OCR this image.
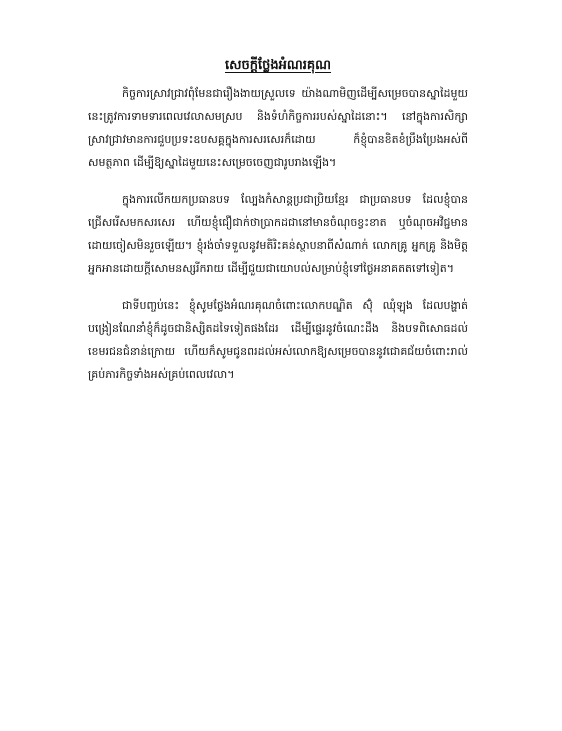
សេចក្តីថ្លែងអំណរគុណ

កិច្ចការស្រាវជ្រាវពុំមែនជារឿងងាយស្រួលទេ យ៉ាងណាមិញដើម្បីសម្រេចបានស្នាដៃមួយនេះត្រូវការទាមទារពេលវេលាសមស្រប និងទំហំកិច្ចការរបស់ស្នាដៃនោះ។ នៅក្នុងការសិក្សាស្រាវជ្រាវមានការជួបប្រទះឧបសគ្គក្នុងការសរសេរក៏ដោយ ក៏ខ្ញុំបានខិតខំប្រឹងប្រែងអស់ពីសមត្ថភាព ដើម្បីឱ្យស្នាដៃមួយនេះសម្រេចចេញជារូបរាងឡើង។

ក្នុងការលើកយកប្រធានបទ ល្បែងកំសាន្តប្រជាប្រិយខ្មែរ ជាប្រធានបទ ដែលខ្ញុំបានជ្រើសរើសមកសរសេរ ហើយខ្ញុំជឿជាក់ថាប្រាកដជានៅមានចំណុចខ្វះខាត ឬចំណុចអវិជ្ជមានដោយចៀសមិនរួចឡើយ។ ខ្ញុំរង់ចាំទទួលនូវមតិរិះគន់ស្ថាបនាពីសំណាក់ លោកគ្រូ អ្នកគ្រូ និងមិត្តអ្នកអានដោយក្តីសោមនស្សរីករាយ ដើម្បីជួយជាយោបល់សម្រាប់ខ្ញុំទៅថ្ងៃអនាគតតទៅទៀត។

ជាទីបញ្ចប់នេះ ខ្ញុំសូមថ្លែងអំណរគុណចំពោះលោកបណ្ឌិត ស៊ុំ ឈុំឡុង ដែលបង្ហាត់បង្រៀនណែនាំខ្ញុំក៏ដូចជានិស្សិតដទៃទៀតផងដែរ ដើម្បីផ្ទេរនូវចំណេះដឹង និងបទពិសោធដល់ខេមរជនជំនាន់ក្រោយ ហើយក៏សូមជូនពរដល់អស់លោកឱ្យសម្រេចបាននូវជោគជ័យចំពោះរាល់គ្រប់ភារកិច្ចទាំងអស់គ្រប់ពេលវេលា។
